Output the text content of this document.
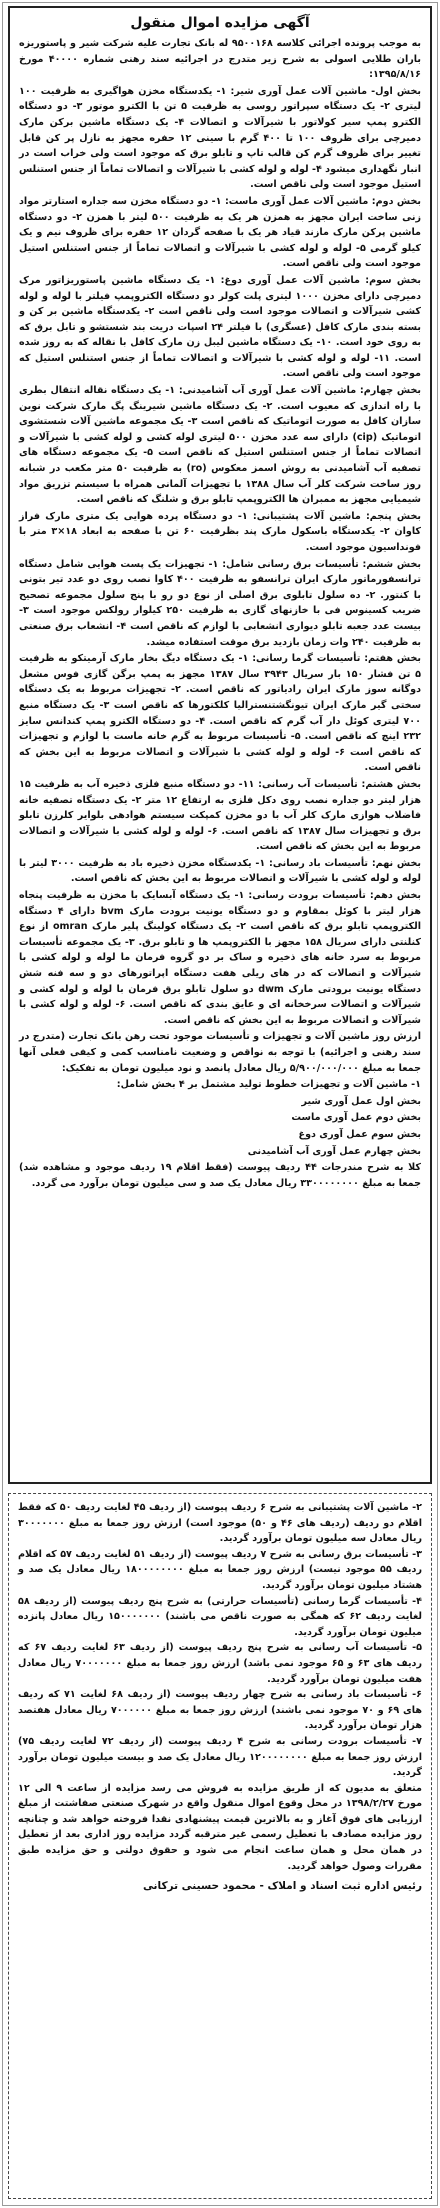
آگهی مزایده اموال منقول

به موجب پرونده اجرائی کلاسه ۹۵۰۰۱۶۸ له بانک تجارت علیه شرکت شیر و پاستوریزه باران طلایی اسولی به شرح زیر متدرج در اجرائیه سند رهنی شماره ۴۰۰۰۰ مورخ ۱۳۹۵/۸/۱۶:

بخش اول- ماشین آلات عمل آوری شیر: ۱- یکدستگاه مخزن هواگیری به ظرفیت ۱۰۰ لیتری ۲- یک دستگاه سپراتور روسی به ظرفیت ۵ تن با الکترو موتور ۳- دو دستگاه الکترو پمپ سیر کولاتور با شیرآلات و اتصالات ۴- یک دستگاه ماشین برکن مارک دمیرچی برای ظروف ۱۰۰ تا ۴۰۰ گرم با سینی ۱۲ حفره مجهز به نازل پر کن قابل تغییر برای ظروف گرم کن قالب تاپ و تابلو برق که موجود است ولی خراب است در انبار نگهداری میشود ۴- لوله و لوله کشی با شیرآلات و اتصالات تماماً از جنس استنلس استیل موجود است ولی ناقص است.

بخش دوم: ماشین آلات عمل آوری ماست: ۱- دو دستگاه مخزن سه جداره استارتر مواد زنی ساخت ایران مجهز به همزن هر یک به ظرفیت ۵۰۰ لیتر با همزن ۲- دو دستگاه ماشین پرکن مارک مازند قیاد هر یک با صفحه گردان ۱۲ حفره برای ظروف نیم و یک کیلو گرمی ۵- لوله و لوله کشی با شیرآلات و اتصالات تماماً از جنس استنلس استیل موجود است ولی ناقص است.

بخش سوم: ماشین آلات عمل آوری دوغ: ۱- یک دستگاه ماشین پاستوریزاتور مرک دمیرچی دارای مخزن ۱۰۰۰ لیتری پلت کولر دو دستگاه الکتروپمپ فیلتر با لوله و لوله کشی شیرآلات و اتصالات موجود است ولی ناقص است ۲- یکدستگاه ماشین بر کن و بسته بندی مارک کافل (عسگری) با فیلتر ۲۴ اسپات دریت بند شستشو و تابل برق که به روی خود است. ۱۰- یک دستگاه ماشین لیبل زن مارک کافل با نقاله که به روز شده است. ۱۱- لوله و لوله کشی با شیرآلات و اتصالات تماماً از جنس استنلس استیل که موجود است ولی ناقص است.

بخش چهارم: ماشین آلات عمل آوری آب آشامیدنی: ۱- یک دستگاه نقاله انتقال بطری با راه اندازی که معیوب است. ۲- یک دستگاه ماشین شیرینگ پگ مارک شرکت نوین سازان کافل به صورت اتوماتیک که ناقص است ۳- یک مجموعه ماشین آلات شستشوی اتوماتیک (cip) دارای سه عدد مخزن ۵۰۰ لیتری لوله کشی و لوله کشی با شیرآلات و اتصالات تماماً از جنس استنلس استیل که ناقص است ۵- یک مجموعه دستگاه های تصفیه آب آشامیدنی به روش اسمز معکوس (ro) به ظرفیت ۵۰ متر مکعب در شبانه روز ساخت شرکت کلر آب سال ۱۳۸۸ با تجهیزات آلمانی همراه با سیستم تزریق مواد شیمیایی مجهز به ممبران ها الکتروپمپ تابلو برق و شلنگ که ناقص است.

بخش پنجم: ماشین آلات پشتیبانی: ۱- دو دستگاه پرده هوایی یک متری مارک فراز کاوان ۲- یکدستگاه باسکول مارک پند بظرفیت ۶۰ تن با صفحه به ابعاد ۱۸×۳ متر با فونداسیون موجود است.

بخش ششم: تأسیسات برق رسانی شامل: ۱- تجهیزات یک پست هوایی شامل دستگاه ترانسفورماتور مارک ایران ترانسفو به ظرفیت ۴۰۰ کاوا نصب روی دو عدد تیر بتونی با کنتور. ۲- ده سلول تابلوی برق اصلی از نوع دو رو با پنج سلول مجموعه تصحیح ضریب کسینوس فی با خازنهای گازی به ظرفیت ۲۵۰ کیلوار رولکس موجود است ۳- بیست عدد جعبه تابلو دیواری انشعابی با لوازم که ناقص است ۴- انشعاب برق صنعتی به ظرفیت ۲۴۰ وات زمان بازدید برق موقت استفاده میشد.

بخش هفتم: تأسیسات گرما رسانی: ۱- یک دستگاه دیگ بخار مارک آرمیتکو به ظرفیت ۵ تن فشار ۱۵۰ بار سریال ۳۹۴۳ سال ۱۳۸۷ مجهز به پمپ برگن گازی فوس مشعل دوگانه سوز مارک ایران رادیاتور که ناقص است. ۲- تجهیزات مربوط به یک دستگاه سختی گیر مارک ایران تیونگشتنسترالیا کلکتورها که ناقص است ۳- یک دستگاه منبع ۷۰۰ لیتری کوئل دار آب گرم که ناقص است. ۴- دو دستگاه الکترو پمپ کندانس سایز ۲۳۲ اینچ که ناقص است. ۵- تأسیسات مربوط به گرم خانه ماست با لوازم و تجهیزات که ناقص است ۶- لوله و لوله کشی با شیرآلات و اتصالات مربوط به این بخش که ناقص است.

بخش هشتم: تأسیسات آب رسانی: ۱۱- دو دستگاه منبع فلزی ذخیره آب به ظرفیت ۱۵ هزار لیتر دو جداره نصب روی دکل فلزی به ارتفاع ۱۲ متر ۲- یک دستگاه تصفیه خانه فاضلاب هوازی مارک کلر آب با دو مخزن کمپکت سیستم هوادهی بلوایر کلرزن تابلو برق و تجهیزات سال ۱۳۸۷ که ناقص است. ۶- لوله و لوله کشی با شیرآلات و اتصالات مربوط به این بخش که ناقص است.

بخش نهم: تأسیسات باد رسانی: ۱- یکدستگاه مخزن ذخیره باد به ظرفیت ۳۰۰۰ لیتر با لوله و لوله کشی با شیرآلات و اتصالات مربوط به این بخش که ناقص است.

بخش دهم: تأسیسات برودت رسانی: ۱- یک دستگاه آبسایک با مخزن به ظرفیت پنجاه هزار لیتر با کوئل بمقاوم و دو دستگاه یونیت برودت مارک bvm دارای ۴ دستگاه الکتروپمپ تابلو برق که ناقص است ۲- یک دستگاه کولینگ پلیر مارک omran از نوع کنلنتی دارای سریال ۱۵۸ مجهز با الکتروپمپ ها و تابلو برق. ۳- یک مجموعه تأسیسات مربوط به سرد خانه های ذخیره و ساک بر دو گروه فرمان ما لوله و لوله کشی با شیرآلات و اتصالات که در های ریلی هفت دستگاه اپراتورهای دو و سه فنه شش دستگاه یونیت برودتی مارک dwm دو سلول تابلو برق فرمان با لوله و لوله کشی و شیرآلات و اتصالات سرخخانه ای و عایق بندی که ناقص است. ۶- لوله و لوله کشی با شیرآلات و اتصالات مربوط به این بخش که ناقص است.

ارزش روز ماشین آلات و تجهیزات و تأسیسات موجود تحت رهن بانک تجارت (متدرج در سند رهنی و اجرائیه) با توجه به نواقص و وضعیت نامناسب کمی و کیفی فعلی آنها جمعا به مبلغ ۵/۹۰۰/۰۰۰/۰۰۰ ریال معادل پانصد و نود میلیون تومان به تفکیک:

۱- ماشین آلات و تجهیزات خطوط تولید مشتمل بر ۴ بخش شامل:

بخش اول عمل آوری شیر

بخش دوم عمل آوری ماست

بخش سوم عمل آوری دوغ

بخش چهارم عمل آوری آب آشامیدنی

کلا به شرح مندرجات ۴۴ ردیف پیوست (فقط اقلام ۱۹ ردیف موجود و مشاهده شد) جمعا به مبلغ ۳۳۰۰۰۰۰۰۰۰ ریال معادل یک صد و سی میلیون تومان برآورد می گردد.

۲- ماشین آلات پشتیبانی به شرح ۶ ردیف پیوست (از ردیف ۴۵ لغایت ردیف ۵۰ که فقط اقلام دو ردیف (ردیف های ۴۶ و ۵۰) موجود است) ارزش روز جمعا به مبلغ ۳۰۰۰۰۰۰۰ ریال معادل سه میلیون تومان برآورد گردید.

۳- تأسیسات برق رسانی به شرح ۷ ردیف پیوست (از ردیف ۵۱ لغایت ردیف ۵۷ که اقلام ردیف ۵۵ موجود نیست) ارزش روز جمعا به مبلغ ۱۸۰۰۰۰۰۰۰۰ ریال معادل یک صد و هشتاد میلیون تومان برآورد گردید.

۴- تأسیسات گرما رسانی (تأسیسات حرارتی) به شرح پنج ردیف پیوست (از ردیف ۵۸ لغایت ردیف ۶۲ که همگی به صورت ناقص می باشند) ۱۵۰۰۰۰۰۰۰ ریال معادل پانزده میلیون تومان برآورد گردید.

۵- تأسیسات آب رسانی به شرح پنج ردیف پیوست (از ردیف ۶۳ لغایت ردیف ۶۷ که ردیف های ۶۳ و ۶۵ موجود نمی باشد) ارزش روز جمعا به مبلغ ۷۰۰۰۰۰۰۰ ریال معادل هفت میلیون تومان برآورد گردید.

۶- تأسیسات باد رسانی به شرح چهار ردیف پیوست (از ردیف ۶۸ لغایت ۷۱ که ردیف های ۶۹ و ۷۰ موجود نمی باشند) ارزش روز جمعا به مبلغ ۷۰۰۰۰۰۰ ریال معادل هفتصد هزار تومان برآورد گردید.

۷- تأسیسات برودت رسانی به شرح ۴ ردیف پیوست (از ردیف ۷۲ لغایت ردیف ۷۵) ارزش روز جمعا به مبلغ ۱۲۰۰۰۰۰۰۰۰ ریال معادل یک صد و بیست میلیون تومان برآورد گردید.

متعلق به مدیون که از طریق مزایده به فروش می رسد مزایده از ساعت ۹ الی ۱۲ مورخ ۱۳۹۸/۲/۲۷ در محل وقوع اموال منقول واقع در شهرک صنعتی صفاشتت از مبلغ ارزیابی های فوق آغاز و به بالاترین قیمت پیشنهادی نقدا فروخته خواهد شد و چنانچه روز مزایده مصادف با تعطیل رسمی غیر مترقبه گردد مزایده روز اداری بعد از تعطیل در همان محل و همان ساعت انجام می شود و حقوق دولتی و حق مزایده طبق مقررات وصول خواهد گردید.

رئیس اداره ثبت اسناد و املاک - محمود حسینی ترکانی
